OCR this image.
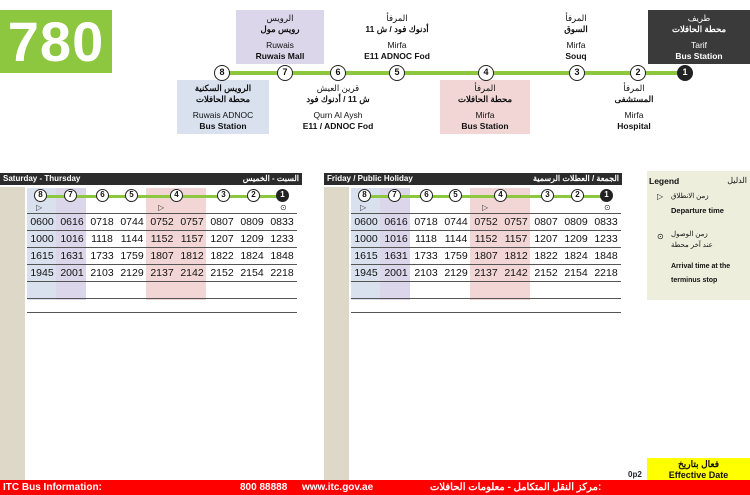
780	الرويس
رويس مول
Ruwais
Ruwais Mall
المرفأ
أدنوك فود / ش 11
Mirfa
E11 ADNOC Fod
المرفأ
السوق
Mirfa
Souq
طريف
محطة الحافلات
Tarif
Bus Station
الرويس السكنية
محطة الحافلات
Ruwais ADNOC
Bus Station
قرين العيش
ش 11 / أدنوك فود
Qurn Al Aysh
E11 / ADNOC Fod
المرفأ
محطة الحافلات
Mirfa
Bus Station
المرفأ
المستشفى
Mirfa
Hospital
8	7	6	5	4	3	2	1
Saturday - Thursday	السبت - الخميس
8	7	6	5	4	3	2	1
▷	▷	⊙
0600 0616 0718 0744 0752 0757 0807 0809 0833
1000 1016 1118 1144 1152 1157 1207 1209 1233
1615 1631 1733 1759 1807 1812 1822 1824 1848
1945 2001 2103 2129 2137 2142 2152 2154 2218
Friday / Public Holiday	الجمعة / العطلات الرسمية
8	7	6	5	4	3	2	1
▷	▷	⊙
0600 0616 0718 0744 0752 0757 0807 0809 0833
1000 1016 1118 1144 1152 1157 1207 1209 1233
1615 1631 1733 1759 1807 1812 1822 1824 1848
1945 2001 2103 2129 2137 2142 2152 2154 2218
Legend	الدليل
▷ زمن الانطلاق
Departure time
⊙ زمن الوصول
عند آخر محطة
Arrival time at the
terminus stop
0p2
فعال بتاريخ
Effective Date
ITC Bus Information:	800 88888 www.itc.gov.ae	مركز النقل المتكامل - معلومات الحافلات:
